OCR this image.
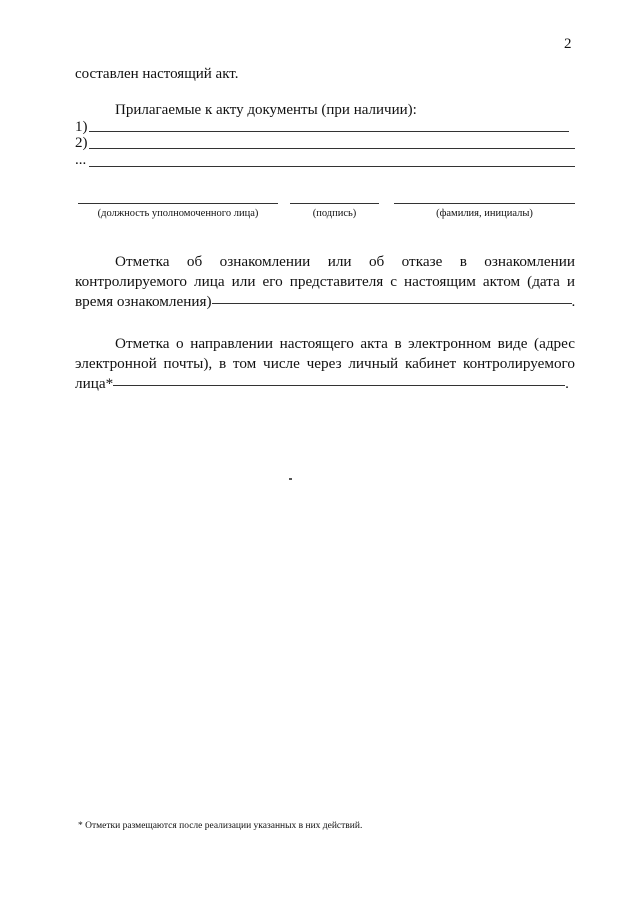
2
составлен настоящий акт.
Прилагаемые к акту документы (при наличии):
1)
2)
...
(должность уполномоченного лица)	(подпись)	(фамилия, инициалы)
Отметка об ознакомлении или об отказе в ознакомлении
контролируемого лица или его представителя с настоящим актом (дата и
время ознакомления)	.
Отметка о направлении настоящего акта в электронном виде (адрес
электронной почты), в том числе через личный кабинет контролируемого
лица*	.
* Отметки размещаются после реализации указанных в них действий.
